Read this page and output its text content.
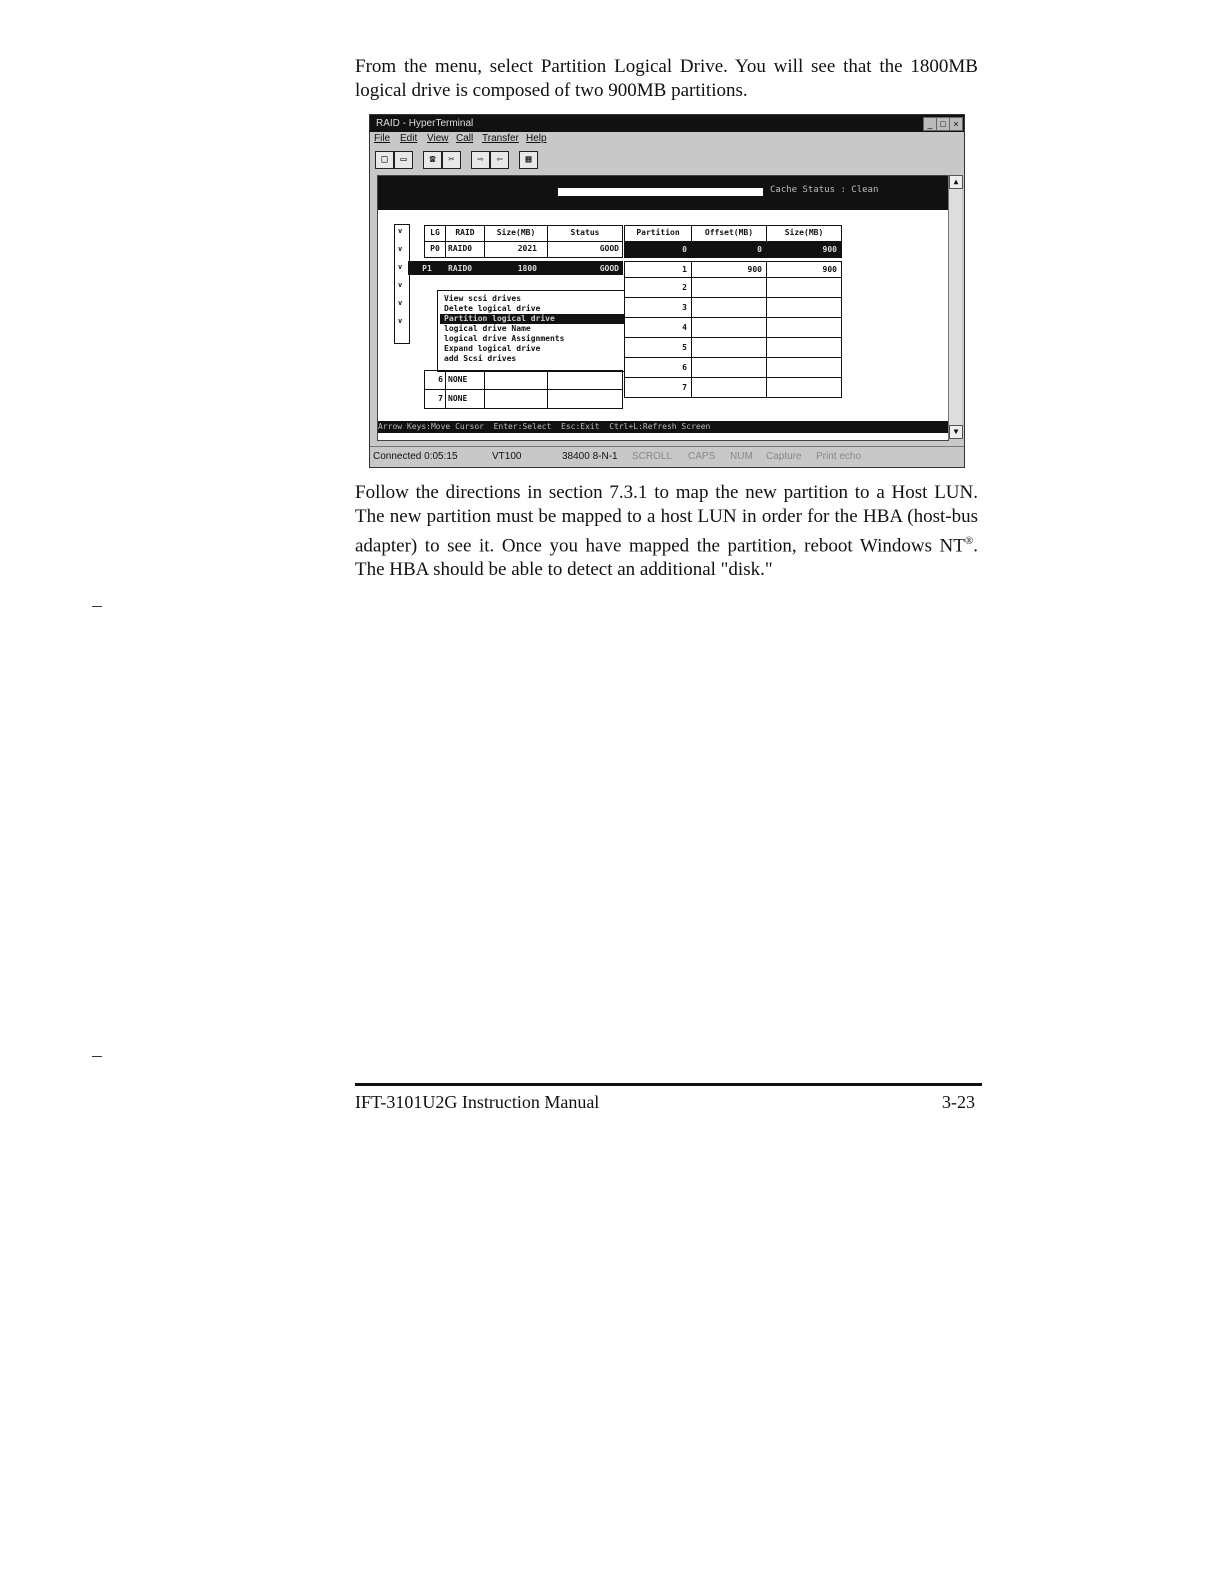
From the menu, select Partition Logical Drive. You will see that the 1800MB logical drive is composed of two 900MB partitions.

RAID - HyperTerminal	_ □ ×
File Edit View Call Transfer Help
□	▭	☎	✂	⇨	⇦	▦
Cache Status : Clean
v
v
v
v
v
v
LG	RAID	Size(MB)	Status
P0	RAID0	2021	GOOD
P1	RAID0	1800	GOOD
View scsi drives
Delete logical drive
Partition logical drive
logical drive Name
logical drive Assignments
Expand logical drive
add Scsi drives
6 NONE
7 NONE
Partition	Offset(MB)	Size(MB)
0	0	900
1	900	900
2
3
4
5
6
7
Arrow Keys:Move Cursor  Enter:Select  Esc:Exit  Ctrl+L:Refresh Screen
▲
▼
Connected 0:05:15	VT100	38400 8-N-1 SCROLL CAPS NUM Capture Print echo

Follow the directions in section 7.3.1 to map the new partition to a Host LUN. The new partition must be mapped to a host LUN in order for the HBA (host-bus adapter) to see it. Once you have mapped the partition, reboot Windows NT®. The HBA should be able to detect an additional "disk."

IFT-3101U2G Instruction Manual	3-23
